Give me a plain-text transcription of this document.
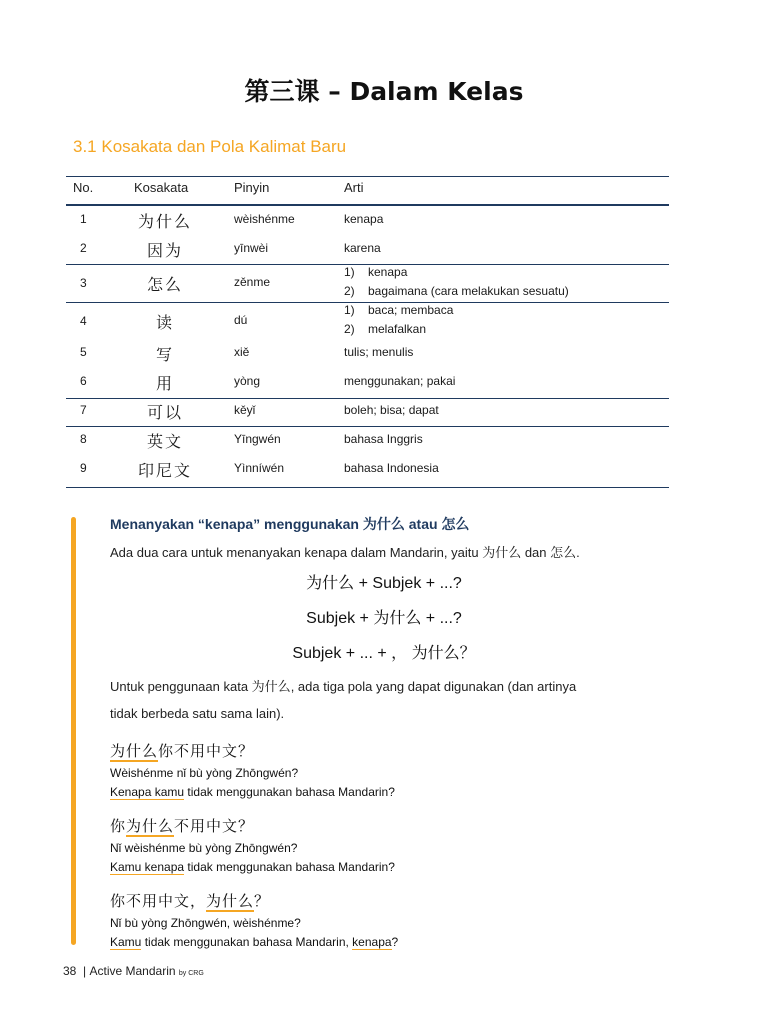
第三课 – Dalam Kelas
3.1 Kosakata dan Pola Kalimat Baru
No.	Kosakata	Pinyin	Arti
1	为什么	wèishénme	kenapa
2	因为	yīnwèi	karena
3	怎么	zěnme
1) kenapa
2) bagaimana (cara melakukan sesuatu)
4	读	dú
1) baca; membaca
2) melafalkan
5	写	xiě	tulis; menulis
6	用	yòng	menggunakan; pakai
7	可以	kěyǐ	boleh; bisa; dapat
8	英文	Yīngwén	bahasa Inggris
9	印尼文	Yìnníwén	bahasa Indonesia
Menanyakan “kenapa” menggunakan 为什么 atau 怎么
Ada dua cara untuk menanyakan kenapa dalam Mandarin, yaitu 为什么 dan 怎么.
为什么 + Subjek + ...?
Subjek + 为什么 + ...?
Subjek + ... + ， 为什么？
Untuk penggunaan kata 为什么, ada tiga pola yang dapat digunakan (dan artinya
tidak berbeda satu sama lain).
为什么你不用中文？
Wèishénme nǐ bù yòng Zhōngwén?
Kenapa kamu tidak menggunakan bahasa Mandarin?
你为什么不用中文？
Nǐ wèishénme bù yòng Zhōngwén?
Kamu kenapa tidak menggunakan bahasa Mandarin?
你不用中文，为什么？
Nǐ bù yòng Zhōngwén, wèishénme?
Kamu tidak menggunakan bahasa Mandarin, kenapa?
38 | Active Mandarin by CRG
